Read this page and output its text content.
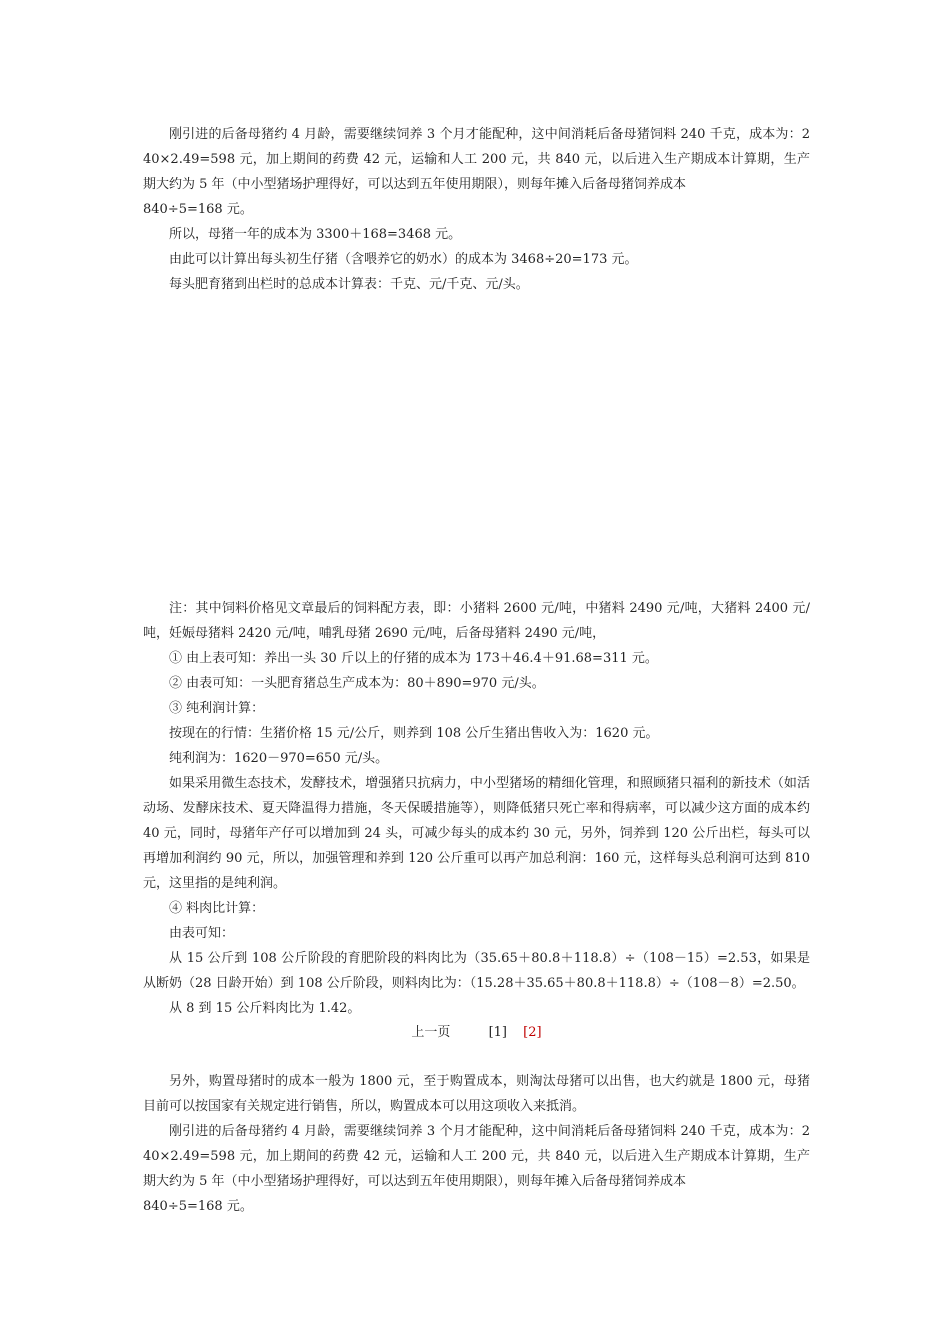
刚引进的后备母猪约 4 月龄，需要继续饲养 3 个月才能配种，这中间消耗后备母猪饲料 240 千克，成本为：240×2.49=598 元，加上期间的药费 42 元，运输和人工 200 元，共 840 元，以后进入生产期成本计算期，生产期大约为 5 年（中小型猪场护理得好，可以达到五年使用期限），则每年摊入后备母猪饲养成本

840÷5=168 元。

所以，母猪一年的成本为 3300＋168=3468 元。

由此可以计算出每头初生仔猪（含喂养它的奶水）的成本为 3468÷20=173 元。

每头肥育猪到出栏时的总成本计算表：千克、元/千克、元/头。

注：其中饲料价格见文章最后的饲料配方表，即：小猪料 2600 元/吨，中猪料 2490 元/吨，大猪料 2400 元/吨，妊娠母猪料 2420 元/吨，哺乳母猪 2690 元/吨，后备母猪料 2490 元/吨，

① 由上表可知：养出一头 30 斤以上的仔猪的成本为 173＋46.4＋91.68=311 元。

② 由表可知：一头肥育猪总生产成本为：80＋890=970 元/头。

③ 纯利润计算：

按现在的行情：生猪价格 15 元/公斤，则养到 108 公斤生猪出售收入为：1620 元。

纯利润为：1620－970=650 元/头。

如果采用微生态技术，发酵技术，增强猪只抗病力，中小型猪场的精细化管理，和照顾猪只福利的新技术（如活动场、发酵床技术、夏天降温得力措施，冬天保暖措施等），则降低猪只死亡率和得病率，可以减少这方面的成本约 40 元，同时，母猪年产仔可以增加到 24 头，可减少每头的成本约 30 元，另外，饲养到 120 公斤出栏，每头可以再增加利润约 90 元，所以，加强管理和养到 120 公斤重可以再产加总利润：160 元，这样每头总利润可达到 810 元，这里指的是纯利润。

④ 料肉比计算：

由表可知：

从 15 公斤到 108 公斤阶段的育肥阶段的料肉比为（35.65＋80.8＋118.8）÷（108－15）=2.53，如果是从断奶（28 日龄开始）到 108 公斤阶段，则料肉比为：（15.28＋35.65＋80.8＋118.8）÷（108－8）=2.50。

从 8 到 15 公斤料肉比为 1.42。

上一页	[1] [2]

另外，购置母猪时的成本一般为 1800 元，至于购置成本，则淘汰母猪可以出售，也大约就是 1800 元，母猪目前可以按国家有关规定进行销售，所以，购置成本可以用这项收入来抵消。

刚引进的后备母猪约 4 月龄，需要继续饲养 3 个月才能配种，这中间消耗后备母猪饲料 240 千克，成本为：240×2.49=598 元，加上期间的药费 42 元，运输和人工 200 元，共 840 元，以后进入生产期成本计算期，生产期大约为 5 年（中小型猪场护理得好，可以达到五年使用期限），则每年摊入后备母猪饲养成本

840÷5=168 元。
